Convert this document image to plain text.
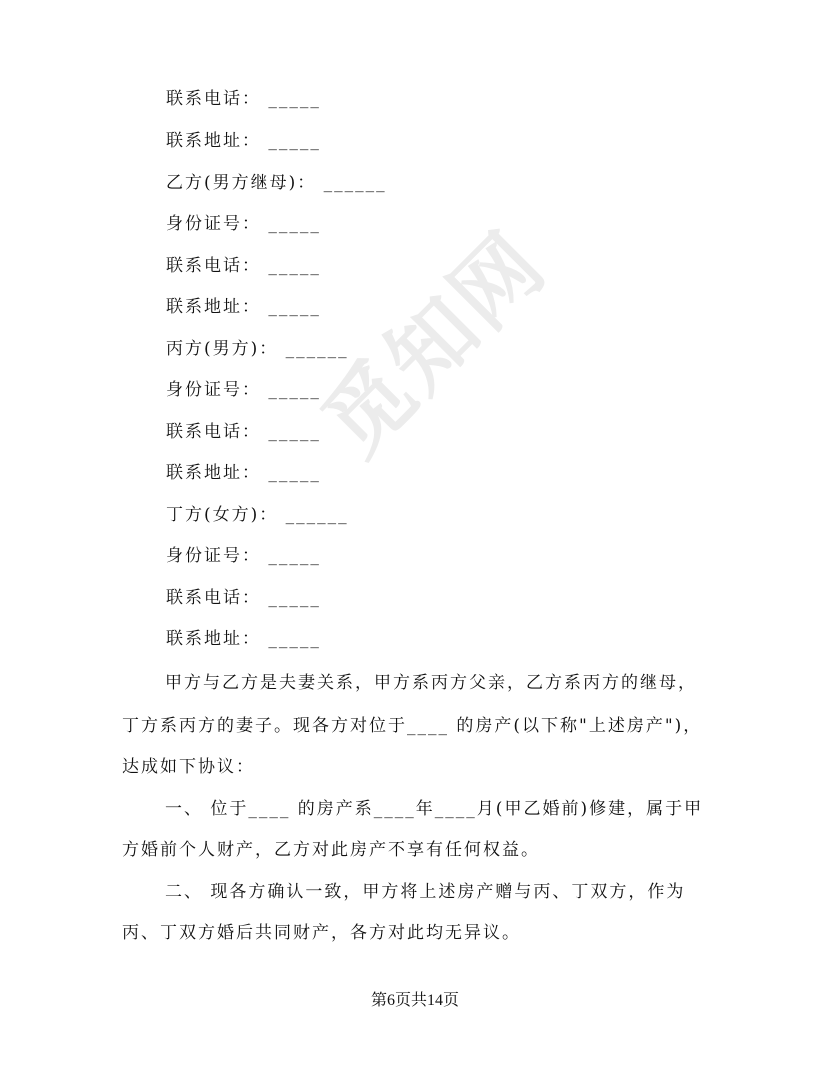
觅知网
联系电话： _____
联系地址： _____
乙方(男方继母)： ______
身份证号： _____
联系电话： _____
联系地址： _____
丙方(男方)： ______
身份证号： _____
联系电话： _____
联系地址： _____
丁方(女方)： ______
身份证号： _____
联系电话： _____
联系地址： _____
甲方与乙方是夫妻关系，甲方系丙方父亲，乙方系丙方的继母，
丁方系丙方的妻子。现各方对位于____ 的房产(以下称"上述房产")，
达成如下协议：
一、 位于____ 的房产系____年____月(甲乙婚前)修建，属于甲
方婚前个人财产，乙方对此房产不享有任何权益。
二、 现各方确认一致，甲方将上述房产赠与丙、丁双方，作为
丙、丁双方婚后共同财产，各方对此均无异议。
第6页共14页
